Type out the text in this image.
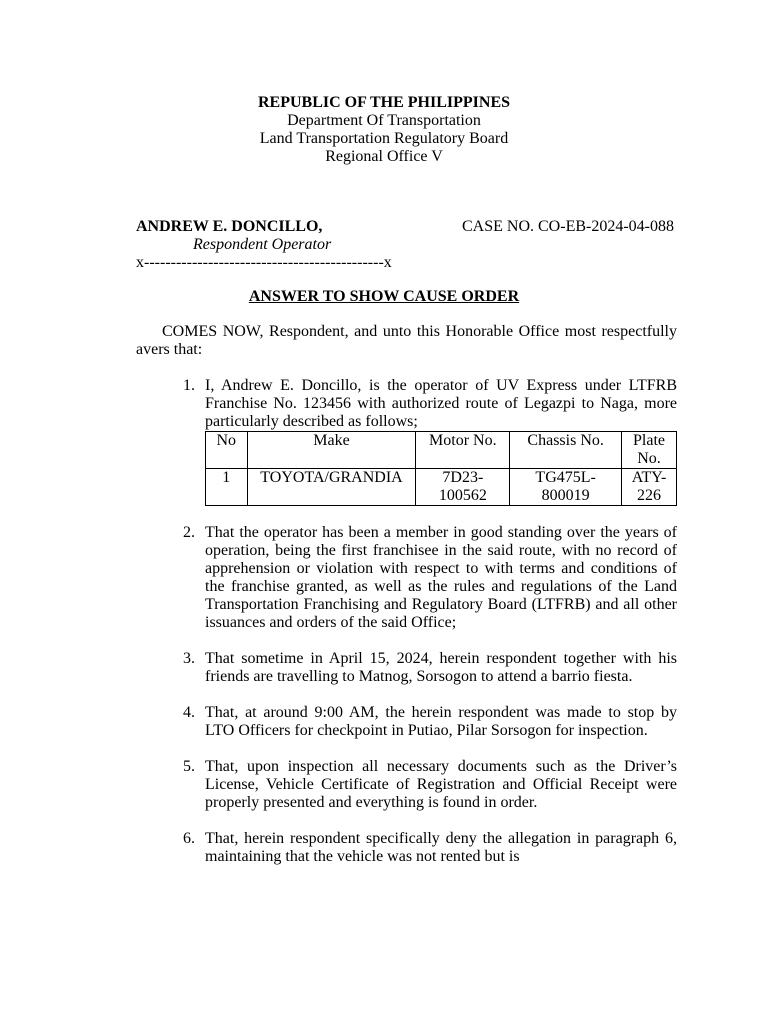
REPUBLIC OF THE PHILIPPINES
Department Of Transportation
Land Transportation Regulatory Board
Regional Office V
ANDREW E. DONCILLO,
Respondent Operator
x---------------------------------------------x
CASE NO. CO-EB-2024-04-088
ANSWER TO SHOW CAUSE ORDER
COMES NOW, Respondent, and unto this Honorable Office most respectfully avers that:
1. I, Andrew E. Doncillo, is the operator of UV Express under LTFRB Franchise No. 123456 with authorized route of Legazpi to Naga, more particularly described as follows;
No	Make	Motor No.	Chassis No.	Plate No.
1	TOYOTA/GRANDIA	7D23-100562	TG475L-800019	ATY-226
2. That the operator has been a member in good standing over the years of operation, being the first franchisee in the said route, with no record of apprehension or violation with respect to with terms and conditions of the franchise granted, as well as the rules and regulations of the Land Transportation Franchising and Regulatory Board (LTFRB) and all other issuances and orders of the said Office;
3. That sometime in April 15, 2024, herein respondent together with his friends are travelling to Matnog, Sorsogon to attend a barrio fiesta.
4. That, at around 9:00 AM, the herein respondent was made to stop by LTO Officers for checkpoint in Putiao, Pilar Sorsogon for inspection.
5. That, upon inspection all necessary documents such as the Driver’s License, Vehicle Certificate of Registration and Official Receipt were properly presented and everything is found in order.
6. That, herein respondent specifically deny the allegation in paragraph 6, maintaining that the vehicle was not rented but is
